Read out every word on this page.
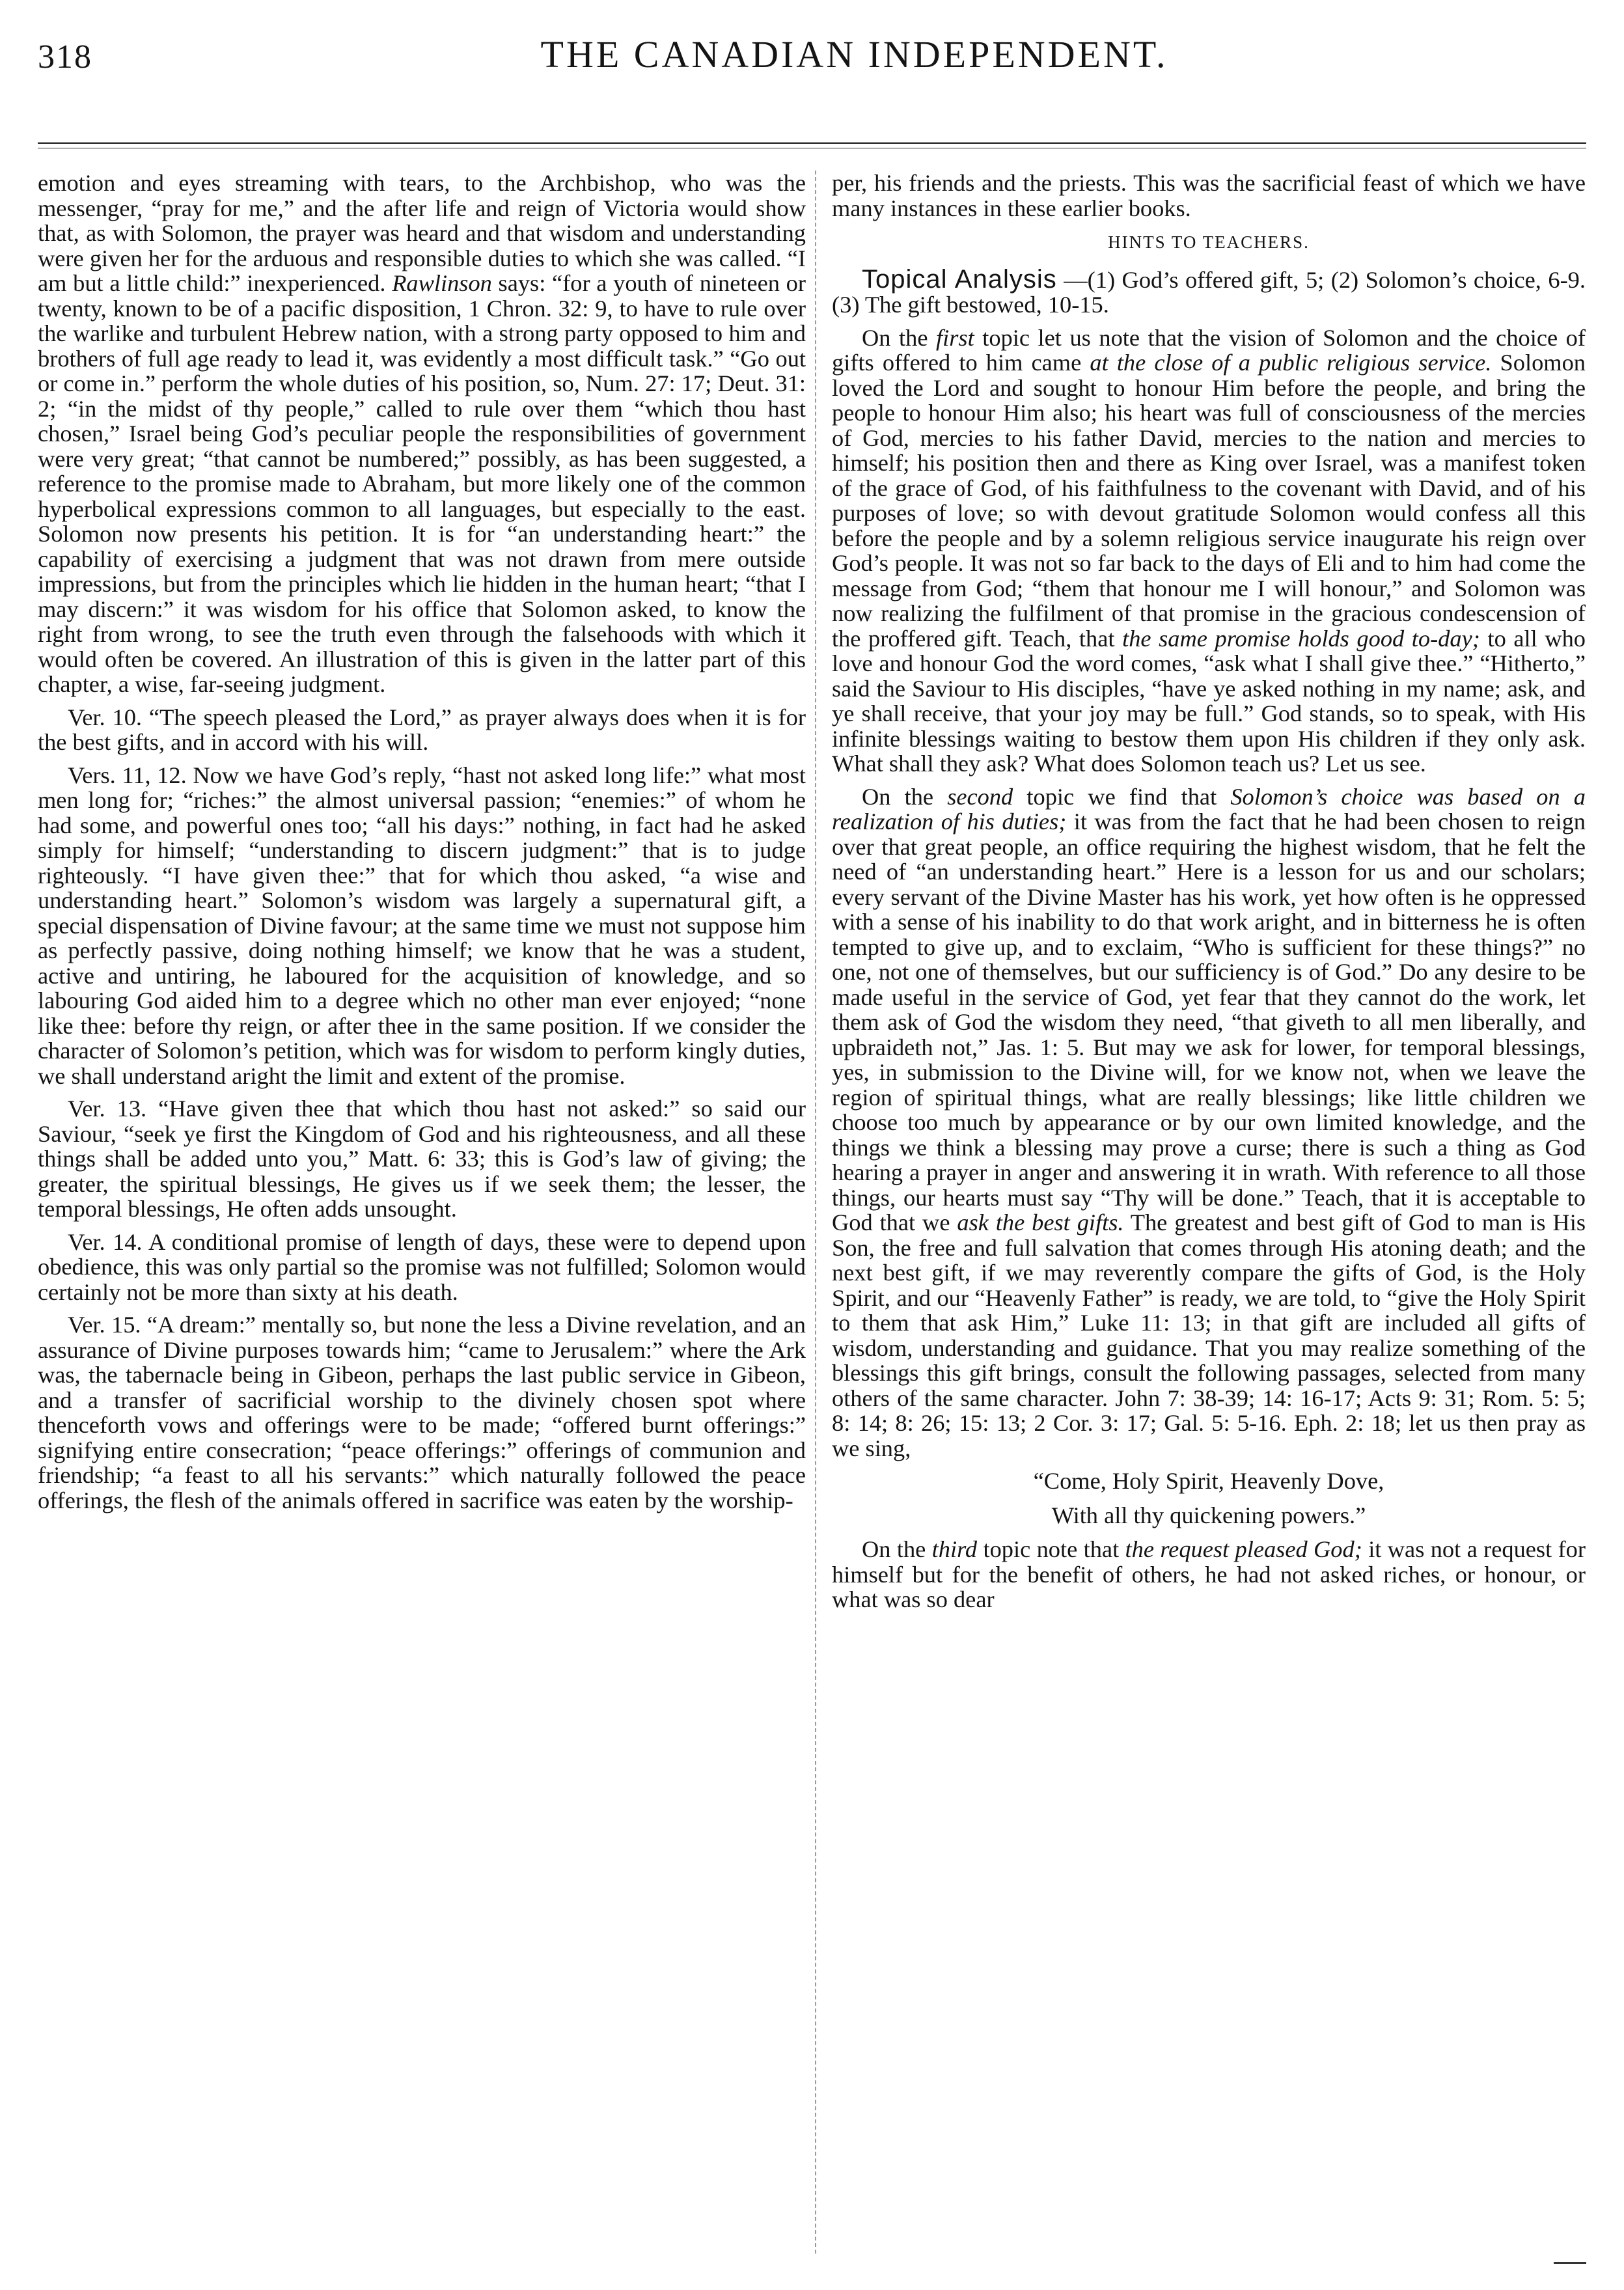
318	THE CANADIAN INDEPENDENT.

emotion and eyes streaming with tears, to the Archbishop, who was the messenger, “pray for me,” and the after life and reign of Victoria would show that, as with Solomon, the prayer was heard and that wisdom and understanding were given her for the arduous and responsible duties to which she was called. “I am but a little child:” inexperienced. Rawlinson says: “for a youth of nineteen or twenty, known to be of a pacific disposition, 1 Chron. 32: 9, to have to rule over the warlike and turbulent Hebrew nation, with a strong party opposed to him and brothers of full age ready to lead it, was evidently a most difficult task.” “Go out or come in.” perform the whole duties of his position, so, Num. 27: 17; Deut. 31: 2; “in the midst of thy people,” called to rule over them “which thou hast chosen,” Israel being God’s peculiar people the responsibilities of government were very great; “that cannot be numbered;” possibly, as has been suggested, a reference to the promise made to Abraham, but more likely one of the common hyperbolical expressions common to all languages, but especially to the east. Solomon now presents his petition. It is for “an understanding heart:” the capability of exercising a judgment that was not drawn from mere outside impressions, but from the principles which lie hidden in the human heart; “that I may discern:” it was wisdom for his office that Solomon asked, to know the right from wrong, to see the truth even through the falsehoods with which it would often be covered. An illustration of this is given in the latter part of this chapter, a wise, far-seeing judgment.

Ver. 10. “The speech pleased the Lord,” as prayer always does when it is for the best gifts, and in accord with his will.

Vers. 11, 12. Now we have God’s reply, “hast not asked long life:” what most men long for; “riches:” the almost universal passion; “enemies:” of whom he had some, and powerful ones too; “all his days:” nothing, in fact had he asked simply for himself; “understanding to discern judgment:” that is to judge righteously. “I have given thee:” that for which thou asked, “a wise and understanding heart.” Solomon’s wisdom was largely a supernatural gift, a special dispensation of Divine favour; at the same time we must not suppose him as perfectly passive, doing nothing himself; we know that he was a student, active and untiring, he laboured for the acquisition of knowledge, and so labouring God aided him to a degree which no other man ever enjoyed; “none like thee: before thy reign, or after thee in the same position. If we consider the character of Solomon’s petition, which was for wisdom to perform kingly duties, we shall understand aright the limit and extent of the promise.

Ver. 13. “Have given thee that which thou hast not asked:” so said our Saviour, “seek ye first the Kingdom of God and his righteousness, and all these things shall be added unto you,” Matt. 6: 33; this is God’s law of giving; the greater, the spiritual blessings, He gives us if we seek them; the lesser, the temporal blessings, He often adds unsought.

Ver. 14. A conditional promise of length of days, these were to depend upon obedience, this was only partial so the promise was not fulfilled; Solomon would certainly not be more than sixty at his death.

Ver. 15. “A dream:” mentally so, but none the less a Divine revelation, and an assurance of Divine purposes towards him; “came to Jerusalem:” where the Ark was, the tabernacle being in Gibeon, perhaps the last public service in Gibeon, and a transfer of sacrificial worship to the divinely chosen spot where thenceforth vows and offerings were to be made; “offered burnt offerings:” signifying entire consecration; “peace offerings:” offerings of communion and friendship; “a feast to all his servants:” which naturally followed the peace offerings, the flesh of the animals offered in sacrifice was eaten by the worship-

per, his friends and the priests. This was the sacrificial feast of which we have many instances in these earlier books.

HINTS TO TEACHERS.

Topical Analysis —(1) God’s offered gift, 5; (2) Solomon’s choice, 6-9. (3) The gift bestowed, 10-15.

On the first topic let us note that the vision of Solomon and the choice of gifts offered to him came at the close of a public religious service. Solomon loved the Lord and sought to honour Him before the people, and bring the people to honour Him also; his heart was full of consciousness of the mercies of God, mercies to his father David, mercies to the nation and mercies to himself; his position then and there as King over Israel, was a manifest token of the grace of God, of his faithfulness to the covenant with David, and of his purposes of love; so with devout gratitude Solomon would confess all this before the people and by a solemn religious service inaugurate his reign over God’s people. It was not so far back to the days of Eli and to him had come the message from God; “them that honour me I will honour,” and Solomon was now realizing the fulfilment of that promise in the gracious condescension of the proffered gift. Teach, that the same promise holds good to-day; to all who love and honour God the word comes, “ask what I shall give thee.” “Hitherto,” said the Saviour to His disciples, “have ye asked nothing in my name; ask, and ye shall receive, that your joy may be full.” God stands, so to speak, with His infinite blessings waiting to bestow them upon His children if they only ask. What shall they ask? What does Solomon teach us? Let us see.

On the second topic we find that Solomon’s choice was based on a realization of his duties; it was from the fact that he had been chosen to reign over that great people, an office requiring the highest wisdom, that he felt the need of “an understanding heart.” Here is a lesson for us and our scholars; every servant of the Divine Master has his work, yet how often is he oppressed with a sense of his inability to do that work aright, and in bitterness he is often tempted to give up, and to exclaim, “Who is sufficient for these things?” no one, not one of themselves, but our sufficiency is of God.” Do any desire to be made useful in the service of God, yet fear that they cannot do the work, let them ask of God the wisdom they need, “that giveth to all men liberally, and upbraideth not,” Jas. 1: 5. But may we ask for lower, for temporal blessings, yes, in submission to the Divine will, for we know not, when we leave the region of spiritual things, what are really blessings; like little children we choose too much by appearance or by our own limited knowledge, and the things we think a blessing may prove a curse; there is such a thing as God hearing a prayer in anger and answering it in wrath. With reference to all those things, our hearts must say “Thy will be done.” Teach, that it is acceptable to God that we ask the best gifts. The greatest and best gift of God to man is His Son, the free and full salvation that comes through His atoning death; and the next best gift, if we may reverently compare the gifts of God, is the Holy Spirit, and our “Heavenly Father” is ready, we are told, to “give the Holy Spirit to them that ask Him,” Luke 11: 13; in that gift are included all gifts of wisdom, understanding and guidance. That you may realize something of the blessings this gift brings, consult the following passages, selected from many others of the same character. John 7: 38-39; 14: 16-17; Acts 9: 31; Rom. 5: 5; 8: 14; 8: 26; 15: 13; 2 Cor. 3: 17; Gal. 5: 5-16. Eph. 2: 18; let us then pray as we sing,

“Come, Holy Spirit, Heavenly Dove,

With all thy quickening powers.”

On the third topic note that the request pleased God; it was not a request for himself but for the benefit of others, he had not asked riches, or honour, or what was so dear
